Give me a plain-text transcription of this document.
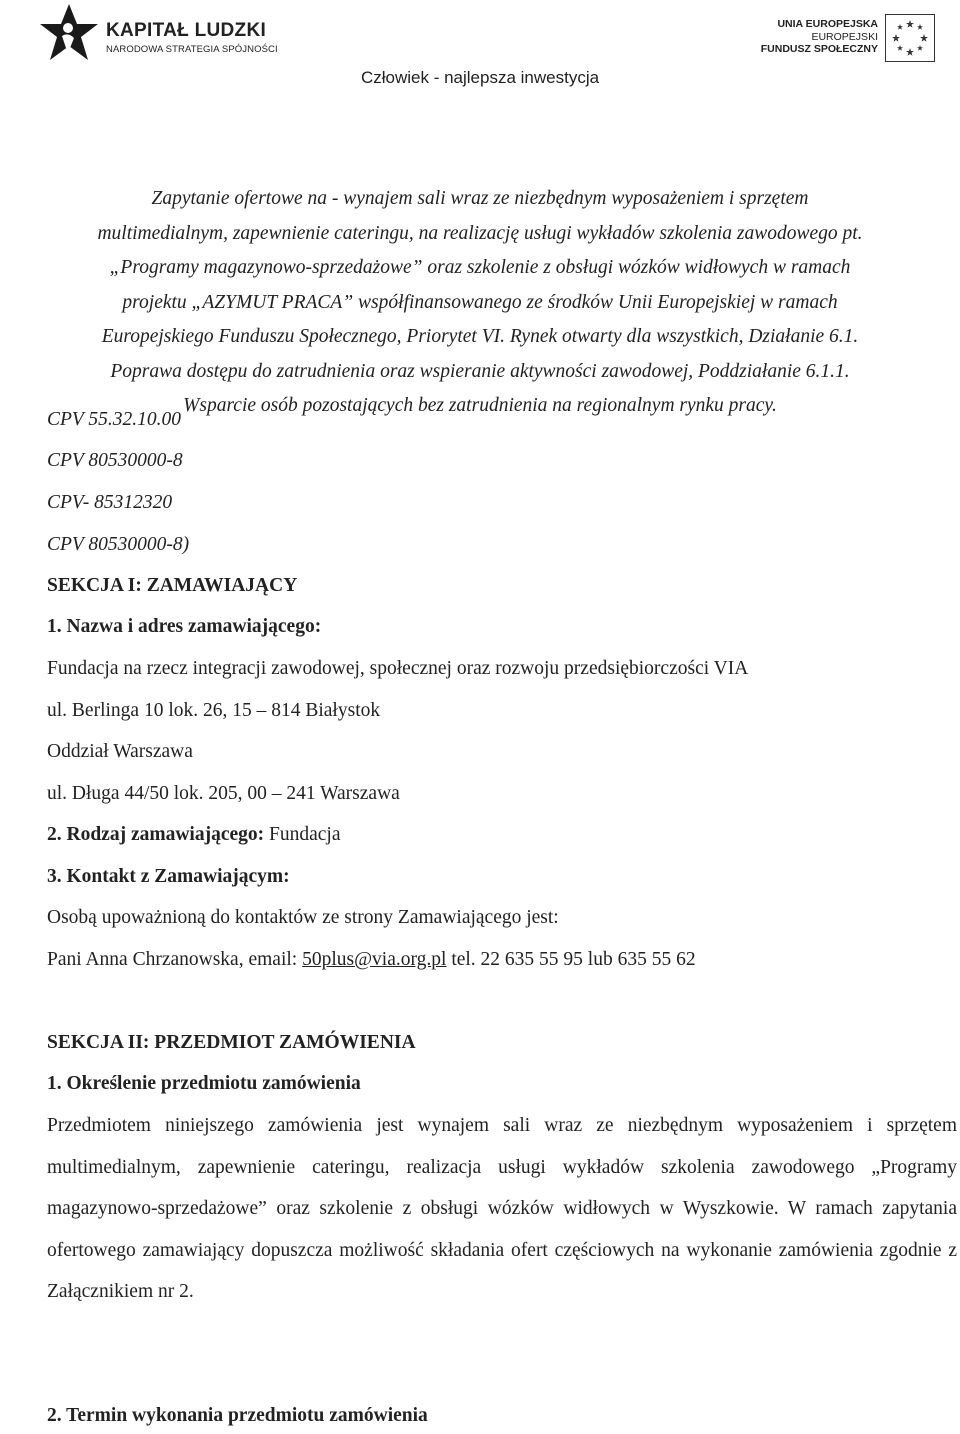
KAPITAŁ LUDZKI
NARODOWA STRATEGIA SPÓJNOŚCI
UNIA EUROPEJSKA
EUROPEJSKI
FUNDUSZ SPOŁECZNY
Człowiek - najlepsza inwestycja
Zapytanie ofertowe na - wynajem sali wraz ze niezbędnym wyposażeniem i sprzętem
multimedialnym, zapewnienie cateringu, na realizację usługi wykładów szkolenia zawodowego pt.
„Programy magazynowo-sprzedażowe” oraz szkolenie z obsługi wózków widłowych w ramach
projektu „AZYMUT PRACA” współfinansowanego ze środków Unii Europejskiej w ramach
Europejskiego Funduszu Społecznego, Priorytet VI. Rynek otwarty dla wszystkich, Działanie 6.1.
Poprawa dostępu do zatrudnienia oraz wspieranie aktywności zawodowej, Poddziałanie 6.1.1.
Wsparcie osób pozostających bez zatrudnienia na regionalnym rynku pracy.
CPV 55.32.10.00
CPV 80530000-8
CPV- 85312320
CPV 80530000-8)
SEKCJA I: ZAMAWIAJĄCY
1. Nazwa i adres zamawiającego:
Fundacja na rzecz integracji zawodowej, społecznej oraz rozwoju przedsiębiorczości VIA
ul. Berlinga 10 lok. 26, 15 – 814 Białystok
Oddział Warszawa
ul. Długa 44/50 lok. 205, 00 – 241 Warszawa
2. Rodzaj zamawiającego: Fundacja
3. Kontakt z Zamawiającym:
Osobą upoważnioną do kontaktów ze strony Zamawiającego jest:
Pani Anna Chrzanowska, email: 50plus@via.org.pl tel. 22 635 55 95 lub 635 55 62
SEKCJA II: PRZEDMIOT ZAMÓWIENIA
1. Określenie przedmiotu zamówienia
Przedmiotem niniejszego zamówienia jest wynajem sali wraz ze niezbędnym wyposażeniem i sprzętem multimedialnym, zapewnienie cateringu, realizacja usługi wykładów szkolenia zawodowego „Programy magazynowo-sprzedażowe” oraz szkolenie z obsługi wózków widłowych w Wyszkowie. W ramach zapytania ofertowego zamawiający dopuszcza możliwość składania ofert częściowych na wykonanie zamówienia zgodnie z Załącznikiem nr 2.
2. Termin wykonania przedmiotu zamówienia
